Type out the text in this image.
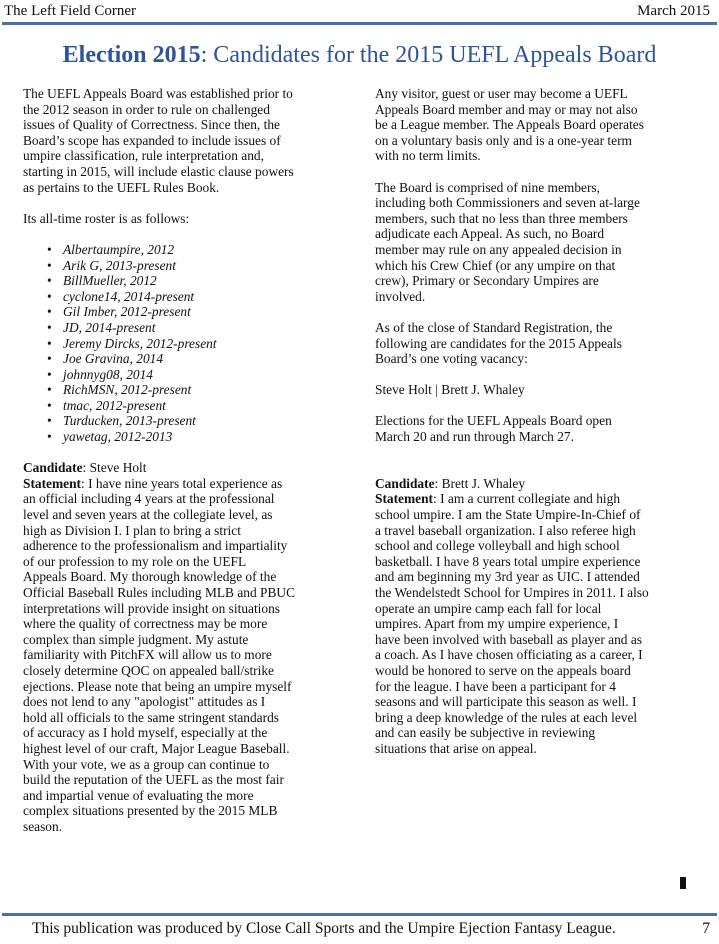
The Left Field Corner	March 2015
Election 2015: Candidates for the 2015 UEFL Appeals Board

The UEFL Appeals Board was established prior to
the 2012 season in order to rule on challenged
issues of Quality of Correctness. Since then, the
Board’s scope has expanded to include issues of
umpire classification, rule interpretation and,
starting in 2015, will include elastic clause powers
as pertains to the UEFL Rules Book.

Its all-time roster is as follows:

• Albertaumpire, 2012
• Arik G, 2013-present
• BillMueller, 2012
• cyclone14, 2014-present
• Gil Imber, 2012-present
• JD, 2014-present
• Jeremy Dircks, 2012-present
• Joe Gravina, 2014
• johnnyg08, 2014
• RichMSN, 2012-present
• tmac, 2012-present
• Turducken, 2013-present
• yawetag, 2012-2013

Candidate: Steve Holt

Statement: I have nine years total experience as
an official including 4 years at the professional
level and seven years at the collegiate level, as
high as Division I. I plan to bring a strict
adherence to the professionalism and impartiality
of our profession to my role on the UEFL
Appeals Board. My thorough knowledge of the
Official Baseball Rules including MLB and PBUC
interpretations will provide insight on situations
where the quality of correctness may be more
complex than simple judgment. My astute
familiarity with PitchFX will allow us to more
closely determine QOC on appealed ball/strike
ejections. Please note that being an umpire myself
does not lend to any "apologist" attitudes as I
hold all officials to the same stringent standards
of accuracy as I hold myself, especially at the
highest level of our craft, Major League Baseball.
With your vote, we as a group can continue to
build the reputation of the UEFL as the most fair
and impartial venue of evaluating the more
complex situations presented by the 2015 MLB
season.

Any visitor, guest or user may become a UEFL
Appeals Board member and may or may not also
be a League member. The Appeals Board operates
on a voluntary basis only and is a one-year term
with no term limits.

The Board is comprised of nine members,
including both Commissioners and seven at-large
members, such that no less than three members
adjudicate each Appeal. As such, no Board
member may rule on any appealed decision in
which his Crew Chief (or any umpire on that
crew), Primary or Secondary Umpires are
involved.

As of the close of Standard Registration, the
following are candidates for the 2015 Appeals
Board’s one voting vacancy:

Steve Holt | Brett J. Whaley

Elections for the UEFL Appeals Board open
March 20 and run through March 27.

Candidate: Brett J. Whaley

Statement: I am a current collegiate and high
school umpire. I am the State Umpire-In-Chief of
a travel baseball organization. I also referee high
school and college volleyball and high school
basketball. I have 8 years total umpire experience
and am beginning my 3rd year as UIC. I attended
the Wendelstedt School for Umpires in 2011. I also
operate an umpire camp each fall for local
umpires. Apart from my umpire experience, I
have been involved with baseball as player and as
a coach. As I have chosen officiating as a career, I
would be honored to serve on the appeals board
for the league. I have been a participant for 4
seasons and will participate this season as well. I
bring a deep knowledge of the rules at each level
and can easily be subjective in reviewing
situations that arise on appeal.

This publication was produced by Close Call Sports and the Umpire Ejection Fantasy League.	7
